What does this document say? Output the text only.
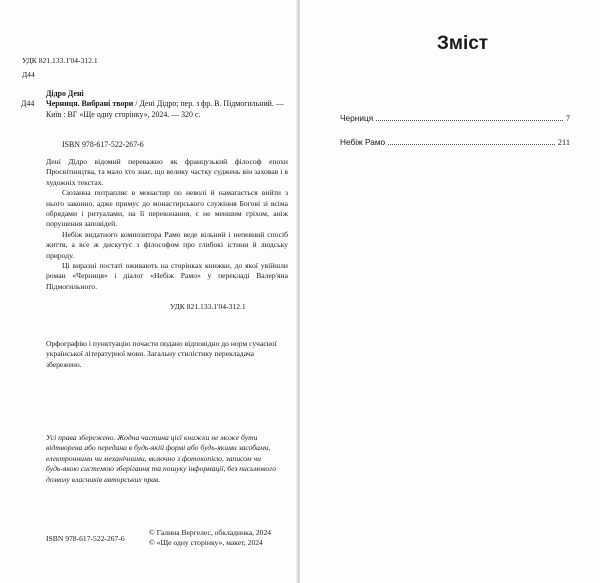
УДК 821.133.1'04-312.1
Д44
Дідро Дені
Д44 Черниця. Вибрані твори / Дені Дідро; пер. з фр. В. Підмогильний. — Київ : ВГ «Ще одну сторінку», 2024. — 320 с.
ISBN 978-617-522-267-6

Дені Дідро відомий переважно як французький філософ епохи Просвітництва, та мало хто знає, що велику частку суджень він заховав і в художніх текстах.

Сюзанна потрапляє в монастир по неволі й намагається вийти з нього законно, адже примус до монастирського служіння Богові зі всіма обрядами і ритуалами, на її переконання, є не меншим гріхом, аніж порушення заповідей.

Небіж видатного композитора Рамо веде вільний і непевний спосіб життя, а все ж дискутує з філософом про глибокі істини й людську природу.

Ці виразні постаті оживають на сторінках книжки, до якої увійшли роман «Черниця» і діалог «Небіж Рамо» у перекладі Валер'яна Підмогильного.

УДК 821.133.1'04-312.1
Орфографію і пунктуацію почасти подано відповідно до норм сучасної української літературної мови. Загальну стилістику перекладача збережено.
Усі права збережено. Жодна частина цієї книжки не може бути відтворена або передана в будь-якій формі або будь-якими засобами, електронними чи механічними, включно з фотокопією, записом чи будь-якою системою зберігання та пошуку інформації, без письмового дозволу власників авторських прав.
ISBN 978-617-522-267-6
© Галина Вергелес, обкладинка, 2024
© «Ще одну сторінку», макет, 2024
Зміст
Черниця	7
Небіж Рамо	211
